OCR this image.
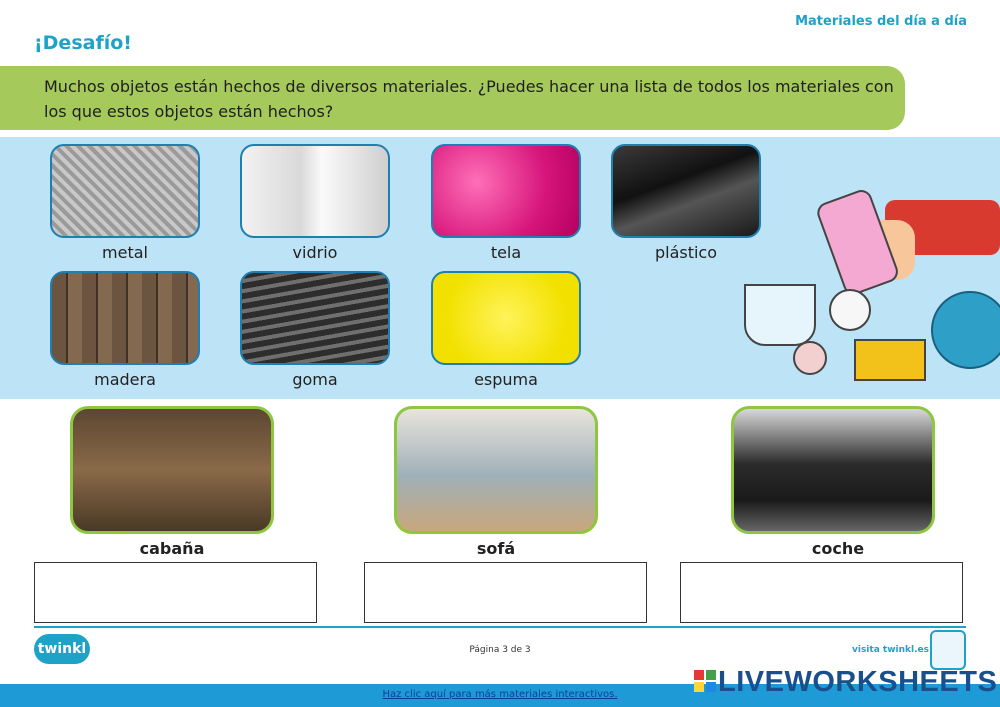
Materiales del día a día
¡Desafío!
Muchos objetos están hechos de diversos materiales. ¿Puedes hacer una lista de todos los materiales con los que estos objetos están hechos?
metal	vidrio	tela	plástico
madera	goma	espuma
cabaña	sofá	coche
twinkl	Página 3 de 3	visita twinkl.es
Haz clic aquí para más materiales interactivos.	LIVEWORKSHEETS
